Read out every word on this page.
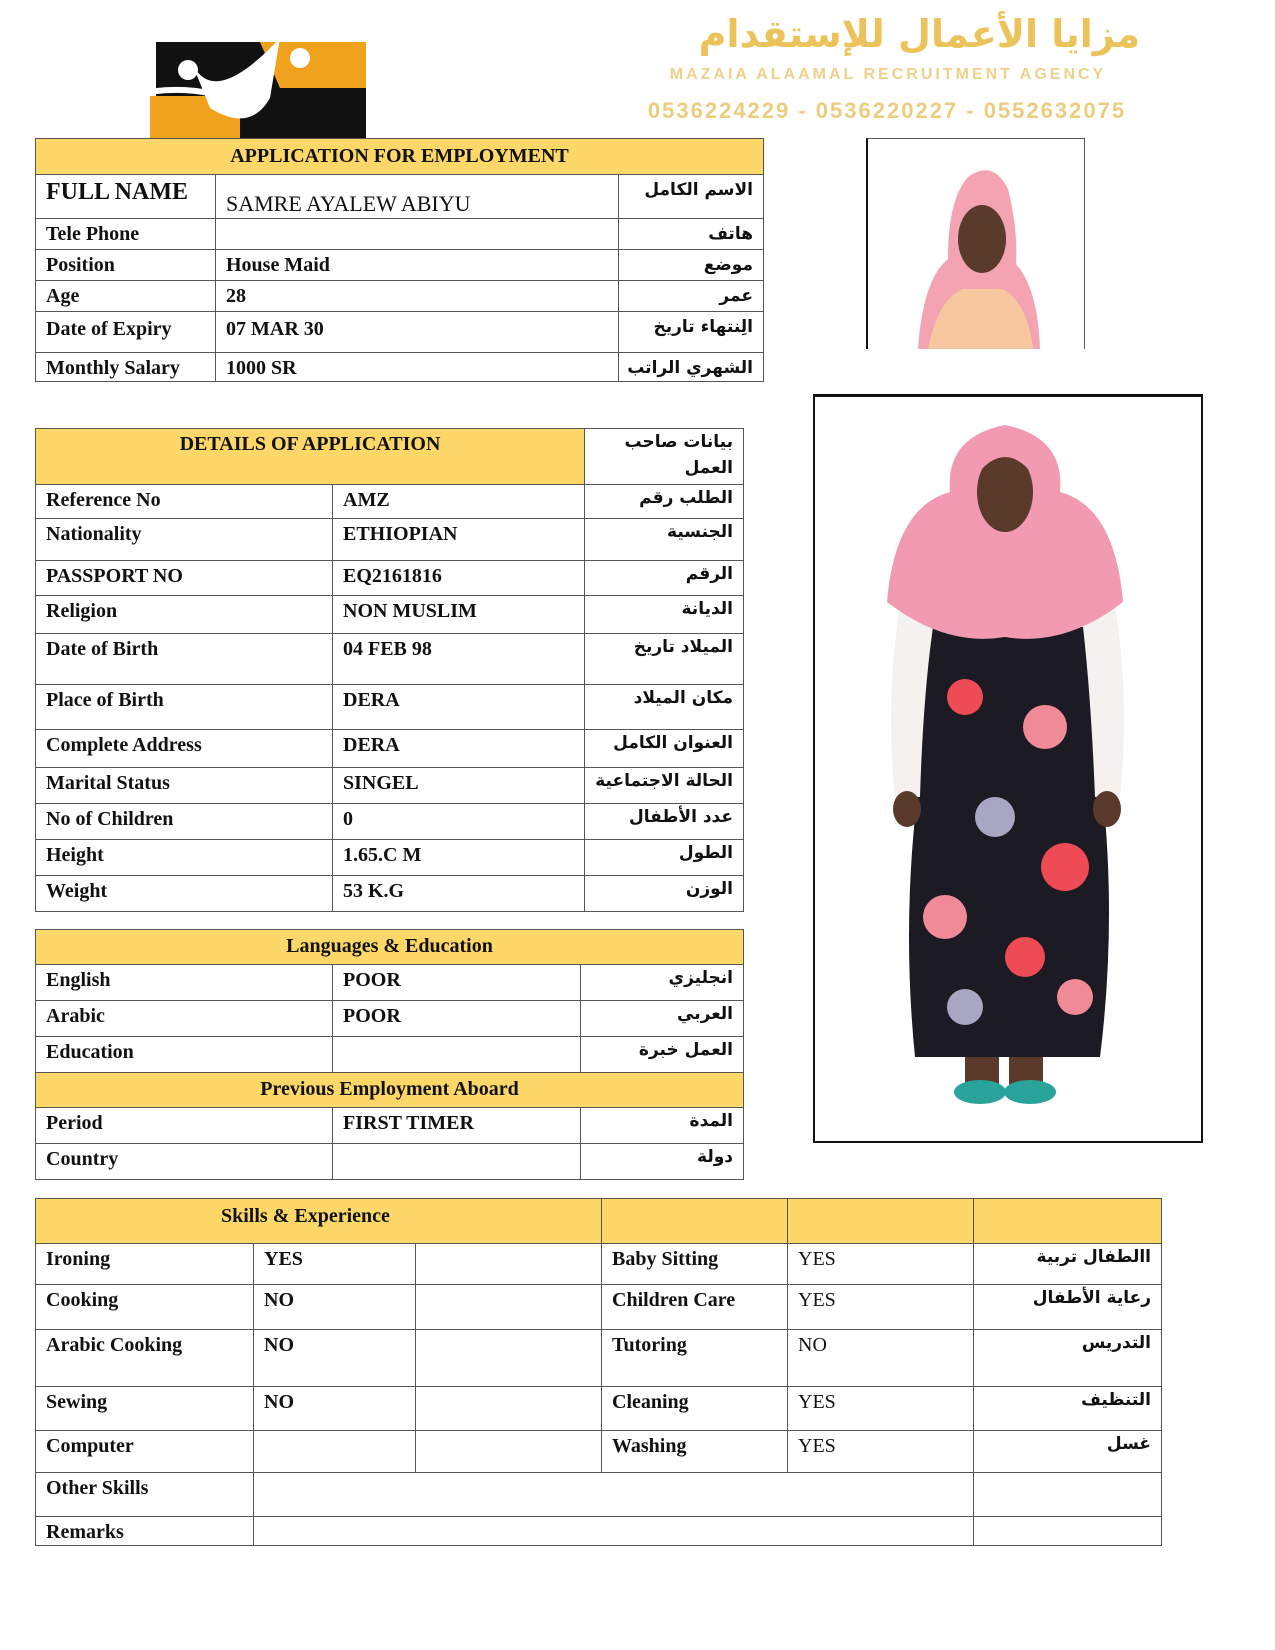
مزايا الأعمال للإستقدام
MAZAIA ALAAMAL RECRUITMENT AGENCY
0536224229 - 0536220227 - 0552632075
APPLICATION FOR EMPLOYMENT		
FULL NAME	SAMRE AYALEW ABIYU	الاسم الكامل
Tele Phone		هاتف
Position	House Maid	موضع
Age	28	عمر
Date of Expiry	07 MAR 30	الِنتهاء تاريخ
Monthly Salary	1000 SR	الشهري الراتب
DETAILS OF APPLICATION		بيانات صاحب العمل
Reference No	AMZ	الطلب رقم
Nationality	ETHIOPIAN	الجنسية
PASSPORT NO	EQ2161816	الرقم
Religion	NON MUSLIM	الديانة
Date of Birth	04 FEB 98	الميلاد تاريخ
Place of Birth	DERA	مكان الميلاد
Complete Address	DERA	العنوان الكامل
Marital Status	SINGEL	الحالة الاجتماعية
No of Children	0	عدد الأطفال
Height	1.65.C M	الطول
Weight	53 K.G	الوزن
Languages & Education		
English	POOR	انجليزي
Arabic	POOR	العربي
Education		العمل خبرة
Previous Employment Aboard		
Period	FIRST TIMER	المدة
Country		دولة
Skills & Experience					
Ironing	YES		Baby Sitting	YES	االطفال تربية
Cooking	NO		Children Care	YES	رعاية الأطفال
Arabic Cooking	NO		Tutoring	NO	التدريس
Sewing	NO		Cleaning	YES	التنظيف
Computer			Washing	YES	غسل
Other Skills					
Remarks					
